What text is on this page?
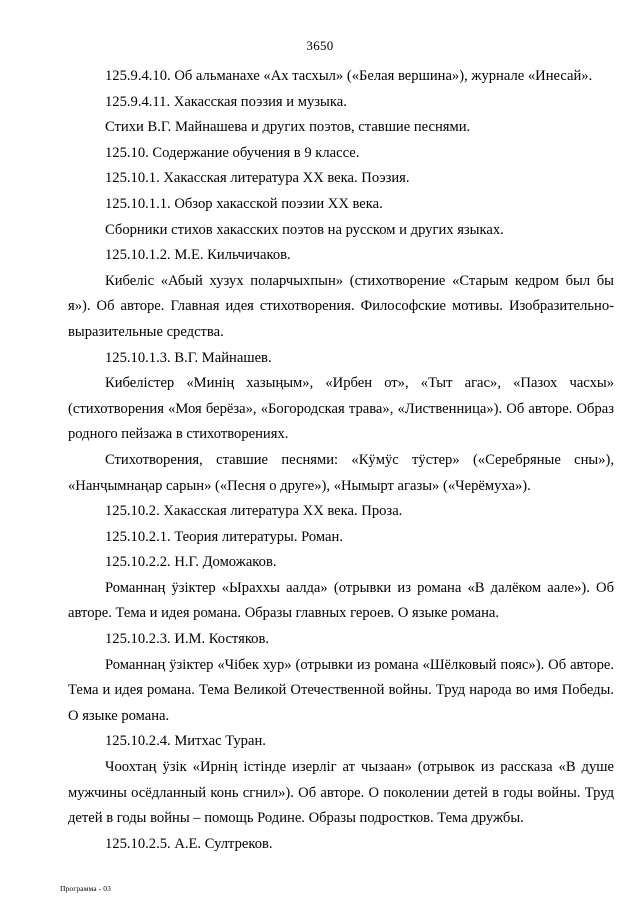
3650

125.9.4.10. Об альманахе «Ах тасхыл» («Белая вершина»), журнале «Инесай».

125.9.4.11. Хакасская поэзия и музыка.

Стихи В.Г. Майнашева и других поэтов, ставшие песнями.

125.10. Содержание обучения в 9 классе.

125.10.1. Хакасская литература XX века. Поэзия.

125.10.1.1. Обзор хакасской поэзии XX века.

Сборники стихов хакасских поэтов на русском и других языках.

125.10.1.2. М.Е. Кильчичаков.

Кибеліс «Абый хузух поларчыхпын» (стихотворение «Старым кедром был бы я»). Об авторе. Главная идея стихотворения. Философские мотивы. Изобразительно-выразительные средства.

125.10.1.3. В.Г. Майнашев.

Кибелістер «Минің хазыңым», «Ирбен от», «Тыт агас», «Пазох часхы» (стихотворения «Моя берёза», «Богородская трава», «Лиственница»). Об авторе. Образ родного пейзажа в стихотворениях.

Стихотворения, ставшие песнями: «Кӱмӱс тӱстер» («Серебряные сны»), «Нанҷымнаңар сарын» («Песня о друге»), «Нымырт агазы» («Черёмуха»).

125.10.2. Хакасская литература XX века. Проза.

125.10.2.1. Теория литературы. Роман.

125.10.2.2. Н.Г. Доможаков.

Романнаң ӱзiктер «Ыраххы аалда» (отрывки из романа «В далёком аале»). Об авторе. Тема и идея романа. Образы главных героев. О языке романа.

125.10.2.3. И.М. Костяков.

Романнаң ӱзiктер «Чiбек хур» (отрывки из романа «Шёлковый пояс»). Об авторе. Тема и идея романа. Тема Великой Отечественной войны. Труд народа во имя Победы. О языке романа.

125.10.2.4. Митхас Туран.

Чоохтаң ӱзiк «Ирнiң iстiнде изерлiг ат чызаан» (отрывок из рассказа «В душе мужчины осёдланный конь сгнил»). Об авторе. О поколении детей в годы войны. Труд детей в годы войны – помощь Родине. Образы подростков. Тема дружбы.

125.10.2.5. А.Е. Султреков.

Программа - 03
